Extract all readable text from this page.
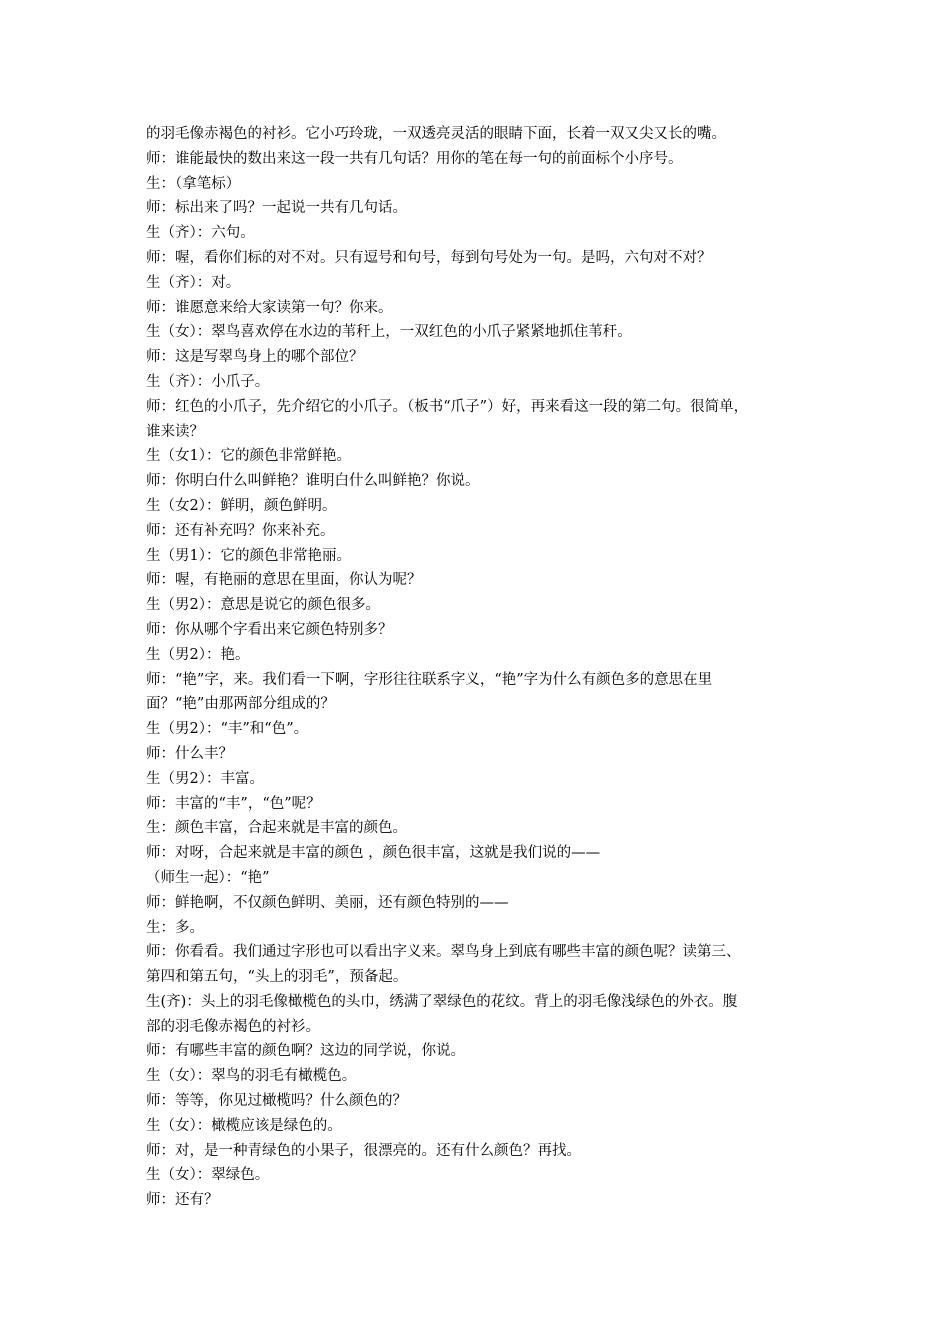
的羽毛像赤褐色的衬衫。它小巧玲珑，一双透亮灵活的眼睛下面，长着一双又尖又长的嘴。
师：谁能最快的数出来这一段一共有几句话？用你的笔在每一句的前面标个小序号。
生：（拿笔标）
师：标出来了吗？一起说一共有几句话。
生（齐）：六句。
师：喔，看你们标的对不对。只有逗号和句号，每到句号处为一句。是吗，六句对不对？
生（齐）：对。
师：谁愿意来给大家读第一句？你来。
生（女）：翠鸟喜欢停在水边的苇秆上，一双红色的小爪子紧紧地抓住苇秆。
师：这是写翠鸟身上的哪个部位？
生（齐）：小爪子。
师：红色的小爪子，先介绍它的小爪子。（板书“爪子”）好，再来看这一段的第二句。很简单，
谁来读？
生（女1）：它的颜色非常鲜艳。
师：你明白什么叫鲜艳？谁明白什么叫鲜艳？你说。
生（女2）：鲜明，颜色鲜明。
师：还有补充吗？你来补充。
生（男1）：它的颜色非常艳丽。
师：喔，有艳丽的意思在里面，你认为呢？
生（男2）：意思是说它的颜色很多。
师：你从哪个字看出来它颜色特别多？
生（男2）：艳。
师：“艳”字，来。我们看一下啊，字形往往联系字义，“艳”字为什么有颜色多的意思在里
面？“艳”由那两部分组成的？
生（男2）：“丰”和“色”。
师：什么丰？
生（男2）：丰富。
师：丰富的“丰”，“色”呢？
生：颜色丰富，合起来就是丰富的颜色。
师：对呀，合起来就是丰富的颜色 ，颜色很丰富，这就是我们说的——
（师生一起）：“艳”
师：鲜艳啊，不仅颜色鲜明、美丽，还有颜色特别的——
生：多。
师：你看看。我们通过字形也可以看出字义来。翠鸟身上到底有哪些丰富的颜色呢？读第三、
第四和第五句，“头上的羽毛”，预备起。
生(齐)：头上的羽毛像橄榄色的头巾，绣满了翠绿色的花纹。背上的羽毛像浅绿色的外衣。腹
部的羽毛像赤褐色的衬衫。
师：有哪些丰富的颜色啊？这边的同学说，你说。
生（女）：翠鸟的羽毛有橄榄色。
师：等等，你见过橄榄吗？什么颜色的？
生（女）：橄榄应该是绿色的。
师：对，是一种青绿色的小果子，很漂亮的。还有什么颜色？再找。
生（女）：翠绿色。
师：还有？
